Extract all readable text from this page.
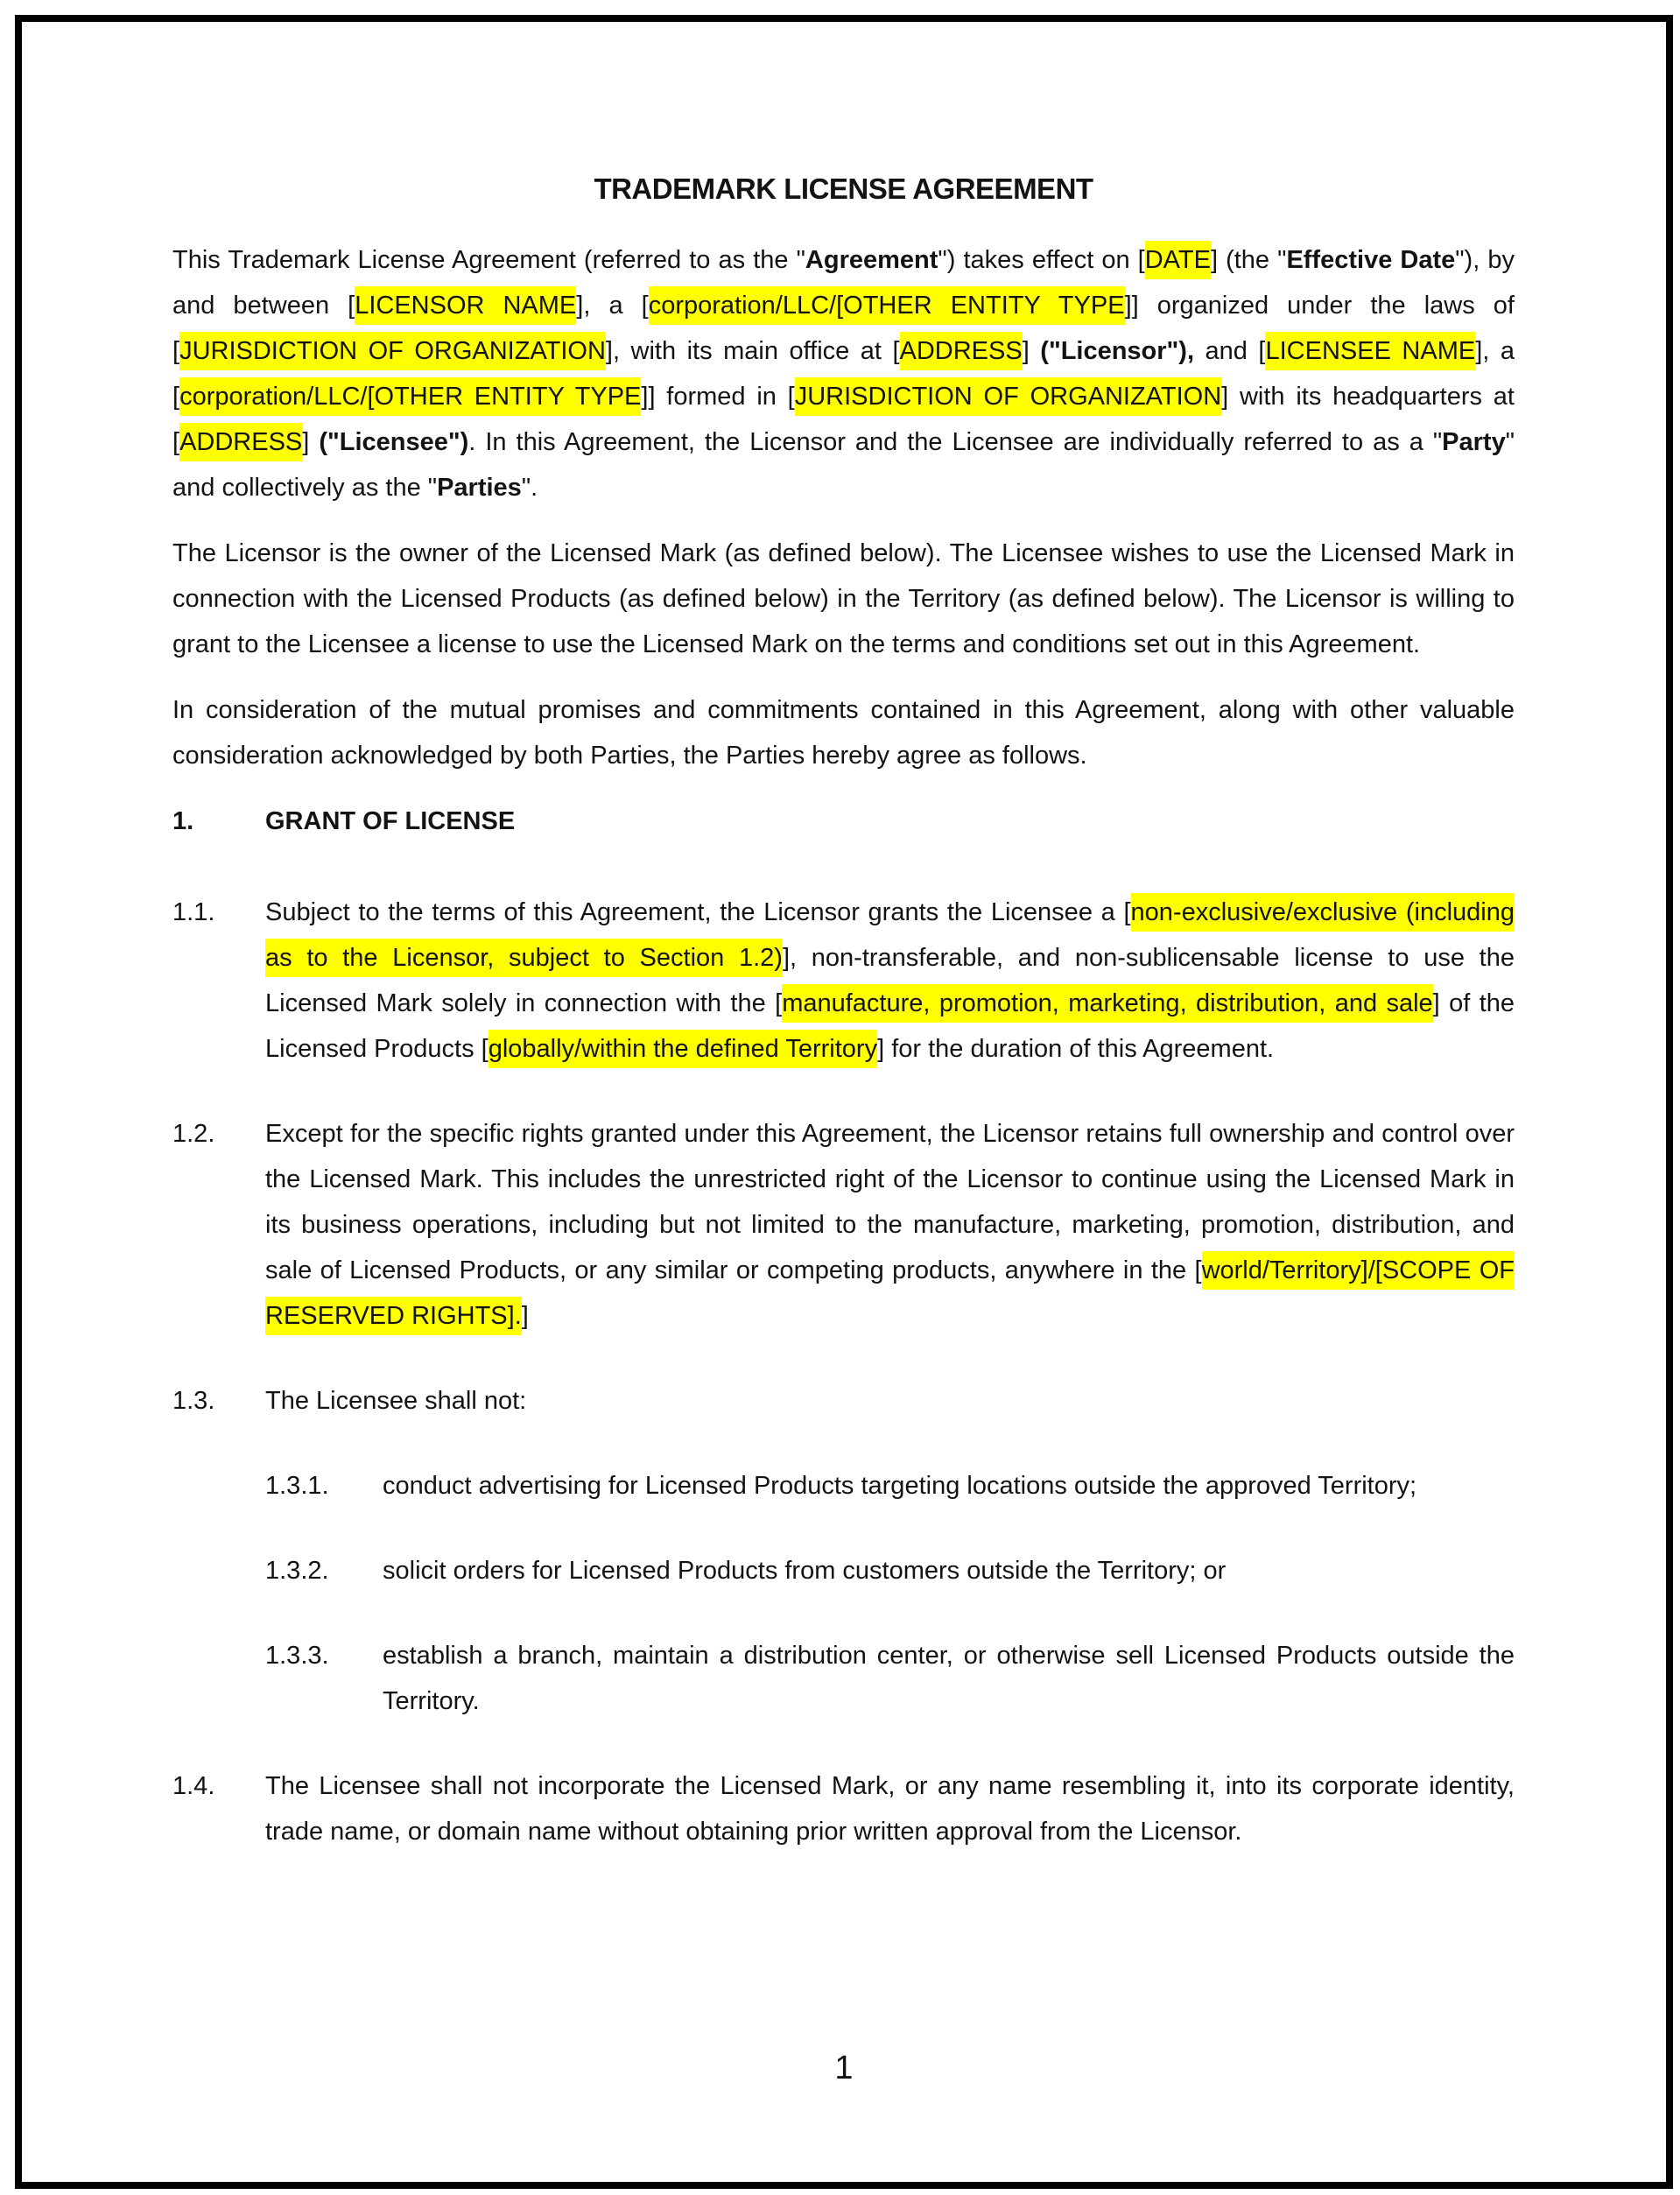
TRADEMARK LICENSE AGREEMENT
This Trademark License Agreement (referred to as the "Agreement") takes effect on [DATE] (the "Effective Date"), by and between [LICENSOR NAME], a [corporation/LLC/[OTHER ENTITY TYPE]] organized under the laws of [JURISDICTION OF ORGANIZATION], with its main office at [ADDRESS] ("Licensor"), and [LICENSEE NAME], a [corporation/LLC/[OTHER ENTITY TYPE]] formed in [JURISDICTION OF ORGANIZATION] with its headquarters at [ADDRESS] ("Licensee"). In this Agreement, the Licensor and the Licensee are individually referred to as a "Party" and collectively as the "Parties".
The Licensor is the owner of the Licensed Mark (as defined below). The Licensee wishes to use the Licensed Mark in connection with the Licensed Products (as defined below) in the Territory (as defined below). The Licensor is willing to grant to the Licensee a license to use the Licensed Mark on the terms and conditions set out in this Agreement.
In consideration of the mutual promises and commitments contained in this Agreement, along with other valuable consideration acknowledged by both Parties, the Parties hereby agree as follows.
1.	GRANT OF LICENSE
1.1. Subject to the terms of this Agreement, the Licensor grants the Licensee a [non-exclusive/exclusive (including as to the Licensor, subject to Section 1.2)], non-transferable, and non-sublicensable license to use the Licensed Mark solely in connection with the [manufacture, promotion, marketing, distribution, and sale] of the Licensed Products [globally/within the defined Territory] for the duration of this Agreement.
1.2. Except for the specific rights granted under this Agreement, the Licensor retains full ownership and control over the Licensed Mark. This includes the unrestricted right of the Licensor to continue using the Licensed Mark in its business operations, including but not limited to the manufacture, marketing, promotion, distribution, and sale of Licensed Products, or any similar or competing products, anywhere in the [world/Territory]/[SCOPE OF RESERVED RIGHTS].]
1.3. The Licensee shall not:
1.3.1. conduct advertising for Licensed Products targeting locations outside the approved Territory;
1.3.2. solicit orders for Licensed Products from customers outside the Territory; or
1.3.3. establish a branch, maintain a distribution center, or otherwise sell Licensed Products outside the Territory.
1.4. The Licensee shall not incorporate the Licensed Mark, or any name resembling it, into its corporate identity, trade name, or domain name without obtaining prior written approval from the Licensor.
1
